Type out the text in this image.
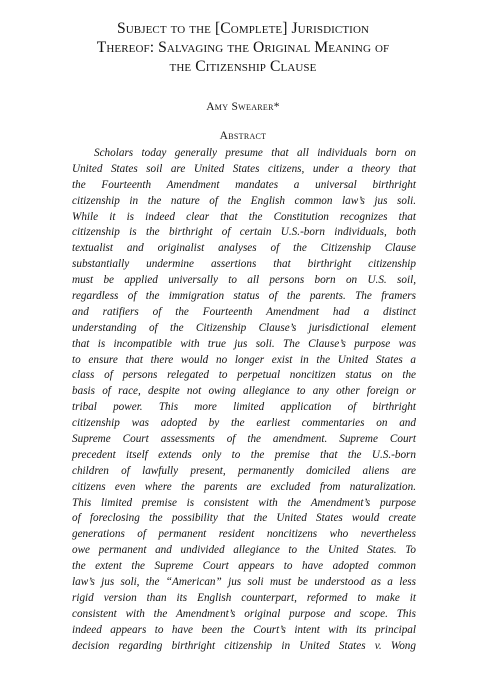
Subject to the [Complete] Jurisdiction
Thereof: Salvaging the Original Meaning of
the Citizenship Clause
Amy Swearer*
Abstract
Scholars today generally presume that all individuals born on
United States soil are United States citizens, under a theory that
the Fourteenth Amendment mandates a universal birthright
citizenship in the nature of the English common law’s jus soli.
While it is indeed clear that the Constitution recognizes that
citizenship is the birthright of certain U.S.-born individuals, both
textualist and originalist analyses of the Citizenship Clause
substantially undermine assertions that birthright citizenship
must be applied universally to all persons born on U.S. soil,
regardless of the immigration status of the parents. The framers
and ratifiers of the Fourteenth Amendment had a distinct
understanding of the Citizenship Clause’s jurisdictional element
that is incompatible with true jus soli. The Clause’s purpose was
to ensure that there would no longer exist in the United States a
class of persons relegated to perpetual noncitizen status on the
basis of race, despite not owing allegiance to any other foreign or
tribal power. This more limited application of birthright
citizenship was adopted by the earliest commentaries on and
Supreme Court assessments of the amendment. Supreme Court
precedent itself extends only to the premise that the U.S.-born
children of lawfully present, permanently domiciled aliens are
citizens even where the parents are excluded from naturalization.
This limited premise is consistent with the Amendment’s purpose
of foreclosing the possibility that the United States would create
generations of permanent resident noncitizens who nevertheless
owe permanent and undivided allegiance to the United States. To
the extent the Supreme Court appears to have adopted common
law’s jus soli, the “American” jus soli must be understood as a less
rigid version than its English counterpart, reformed to make it
consistent with the Amendment’s original purpose and scope. This
indeed appears to have been the Court’s intent with its principal
decision regarding birthright citizenship in United States v. Wong
